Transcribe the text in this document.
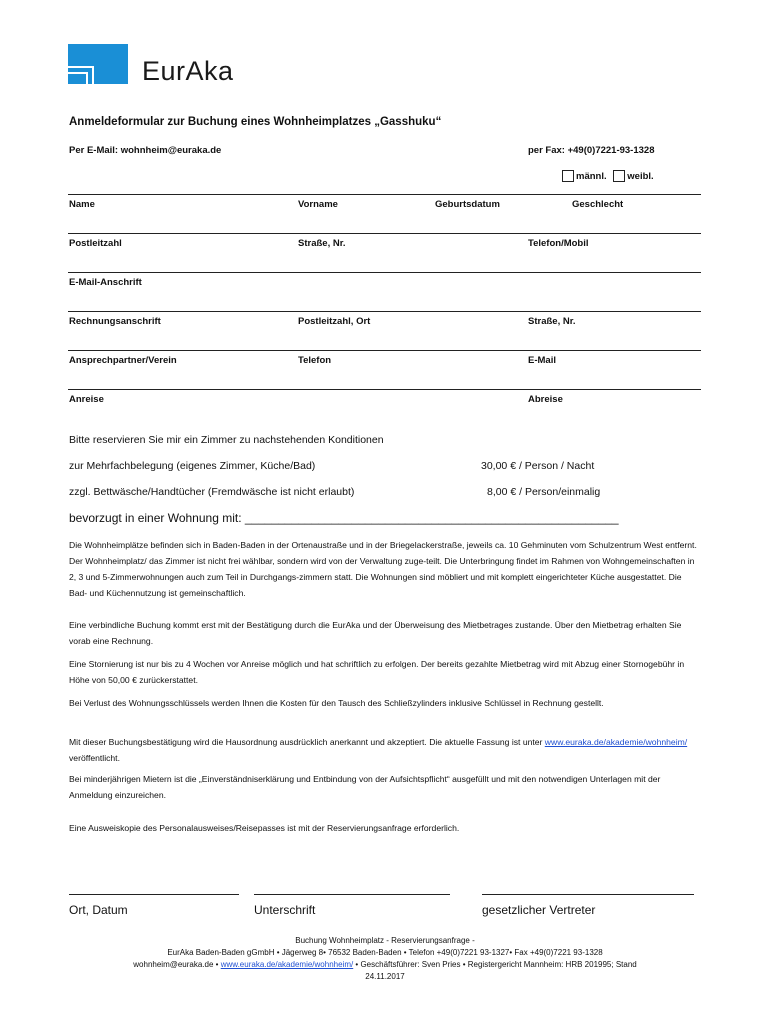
EurAka
Anmeldeformular zur Buchung eines Wohnheimplatzes „Gasshuku“
Per E-Mail: wohnheim@euraka.de	per Fax: +49(0)7221-93-1328
männl. weibl.
Name	Vorname	Geburtsdatum	Geschlecht
Postleitzahl	Straße, Nr.	Telefon/Mobil
E-Mail-Anschrift
Rechnungsanschrift	Postleitzahl, Ort	Straße, Nr.
Ansprechpartner/Verein	Telefon	E-Mail
Anreise	Abreise
Bitte reservieren Sie mir ein Zimmer zu nachstehenden Konditionen
zur Mehrfachbelegung (eigenes Zimmer, Küche/Bad)	30,00 € / Person / Nacht
zzgl. Bettwäsche/Handtücher (Fremdwäsche ist nicht erlaubt)	8,00 € / Person/einmalig
bevorzugt in einer Wohnung mit: ________________________________________________________
Die Wohnheimplätze befinden sich in Baden-Baden in der Ortenaustraße und in der Briegelackerstraße, jeweils ca. 10 Gehminuten vom Schulzentrum West entfernt. Der Wohnheimplatz/ das Zimmer ist nicht frei wählbar, sondern wird von der Verwaltung zuge-teilt. Die Unterbringung findet im Rahmen von Wohngemeinschaften in 2, 3 und 5-Zimmerwohnungen auch zum Teil in Durchgangs-zimmern statt. Die Wohnungen sind möbliert und mit komplett eingerichteter Küche ausgestattet. Die Bad- und Küchennutzung ist gemeinschaftlich.
Eine verbindliche Buchung kommt erst mit der Bestätigung durch die EurAka und der Überweisung des Mietbetrages zustande. Über den Mietbetrag erhalten Sie vorab eine Rechnung.
Eine Stornierung ist nur bis zu 4 Wochen vor Anreise möglich und hat schriftlich zu erfolgen. Der bereits gezahlte Mietbetrag wird mit Abzug einer Stornogebühr in Höhe von 50,00 € zurückerstattet.
Bei Verlust des Wohnungsschlüssels werden Ihnen die Kosten für den Tausch des Schließzylinders inklusive Schlüssel in Rechnung gestellt.
Mit dieser Buchungsbestätigung wird die Hausordnung ausdrücklich anerkannt und akzeptiert. Die aktuelle Fassung ist unter www.euraka.de/akademie/wohnheim/ veröffentlicht.
Bei minderjährigen Mietern ist die „Einverständniserklärung und Entbindung von der Aufsichtspflicht“ ausgefüllt und mit den notwendigen Unterlagen mit der Anmeldung einzureichen.
Eine Ausweiskopie des Personalausweises/Reisepasses ist mit der Reservierungsanfrage erforderlich.
Ort, Datum	Unterschrift	gesetzlicher Vertreter
Buchung Wohnheimplatz - Reservierungsanfrage -
EurAka Baden-Baden gGmbH • Jägerweg 8• 76532 Baden-Baden • Telefon +49(0)7221 93-1327• Fax +49(0)7221 93-1328
wohnheim@euraka.de • www.euraka.de/akademie/wohnheim/ • Geschäftsführer: Sven Pries • Registergericht Mannheim: HRB 201995; Stand
24.11.2017
